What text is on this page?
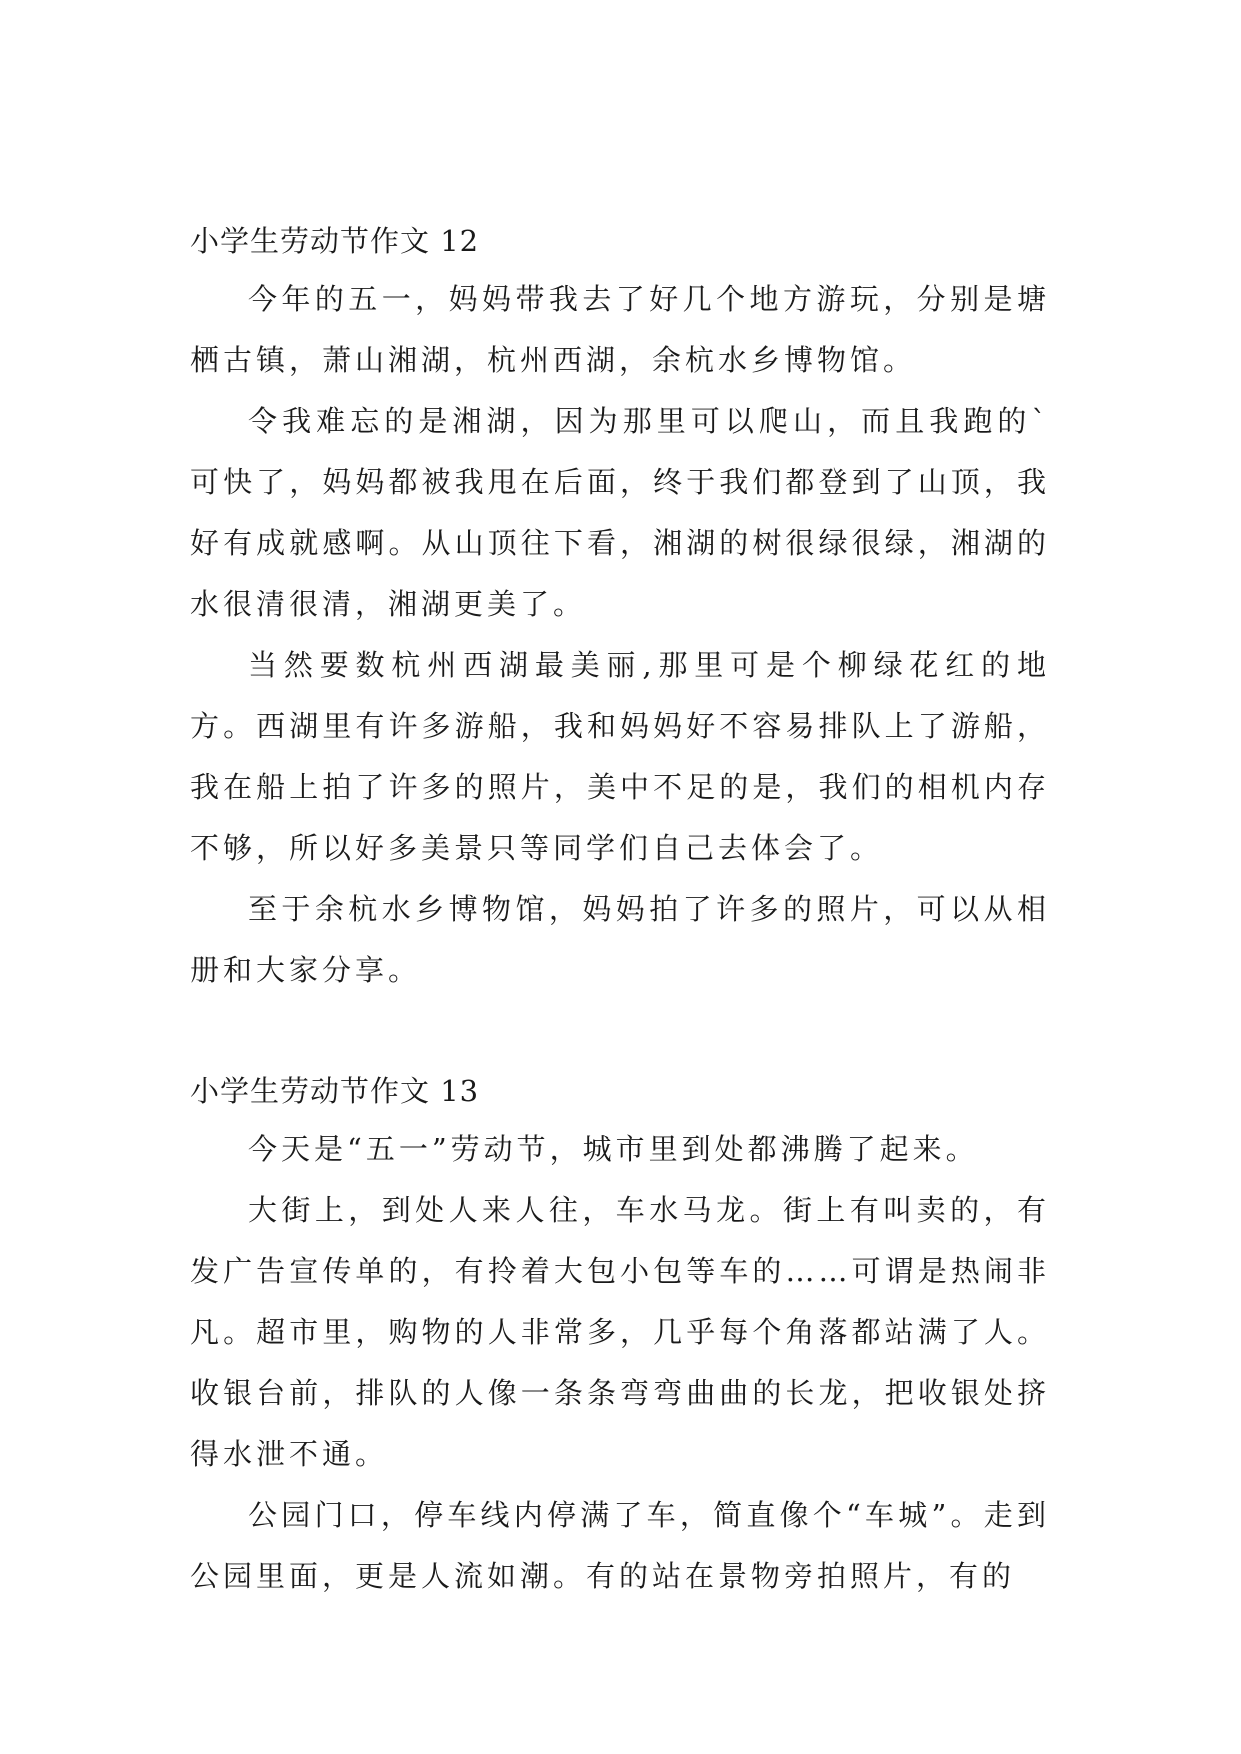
小学生劳动节作文 12

今年的五一，妈妈带我去了好几个地方游玩，分别是塘栖古镇，萧山湘湖，杭州西湖，余杭水乡博物馆。

令我难忘的是湘湖，因为那里可以爬山，而且我跑的`可快了，妈妈都被我甩在后面，终于我们都登到了山顶，我好有成就感啊。从山顶往下看，湘湖的树很绿很绿，湘湖的水很清很清，湘湖更美了。

当然要数杭州西湖最美丽,那里可是个柳绿花红的地方。西湖里有许多游船，我和妈妈好不容易排队上了游船，我在船上拍了许多的照片，美中不足的是，我们的相机内存不够，所以好多美景只等同学们自己去体会了。

至于余杭水乡博物馆，妈妈拍了许多的照片，可以从相册和大家分享。

小学生劳动节作文 13

今天是“五一”劳动节，城市里到处都沸腾了起来。

大街上，到处人来人往，车水马龙。街上有叫卖的，有发广告宣传单的，有拎着大包小包等车的……可谓是热闹非凡。超市里，购物的人非常多，几乎每个角落都站满了人。收银台前，排队的人像一条条弯弯曲曲的长龙，把收银处挤得水泄不通。

公园门口，停车线内停满了车，简直像个“车城”。走到公园里面，更是人流如潮。有的站在景物旁拍照片，有的
